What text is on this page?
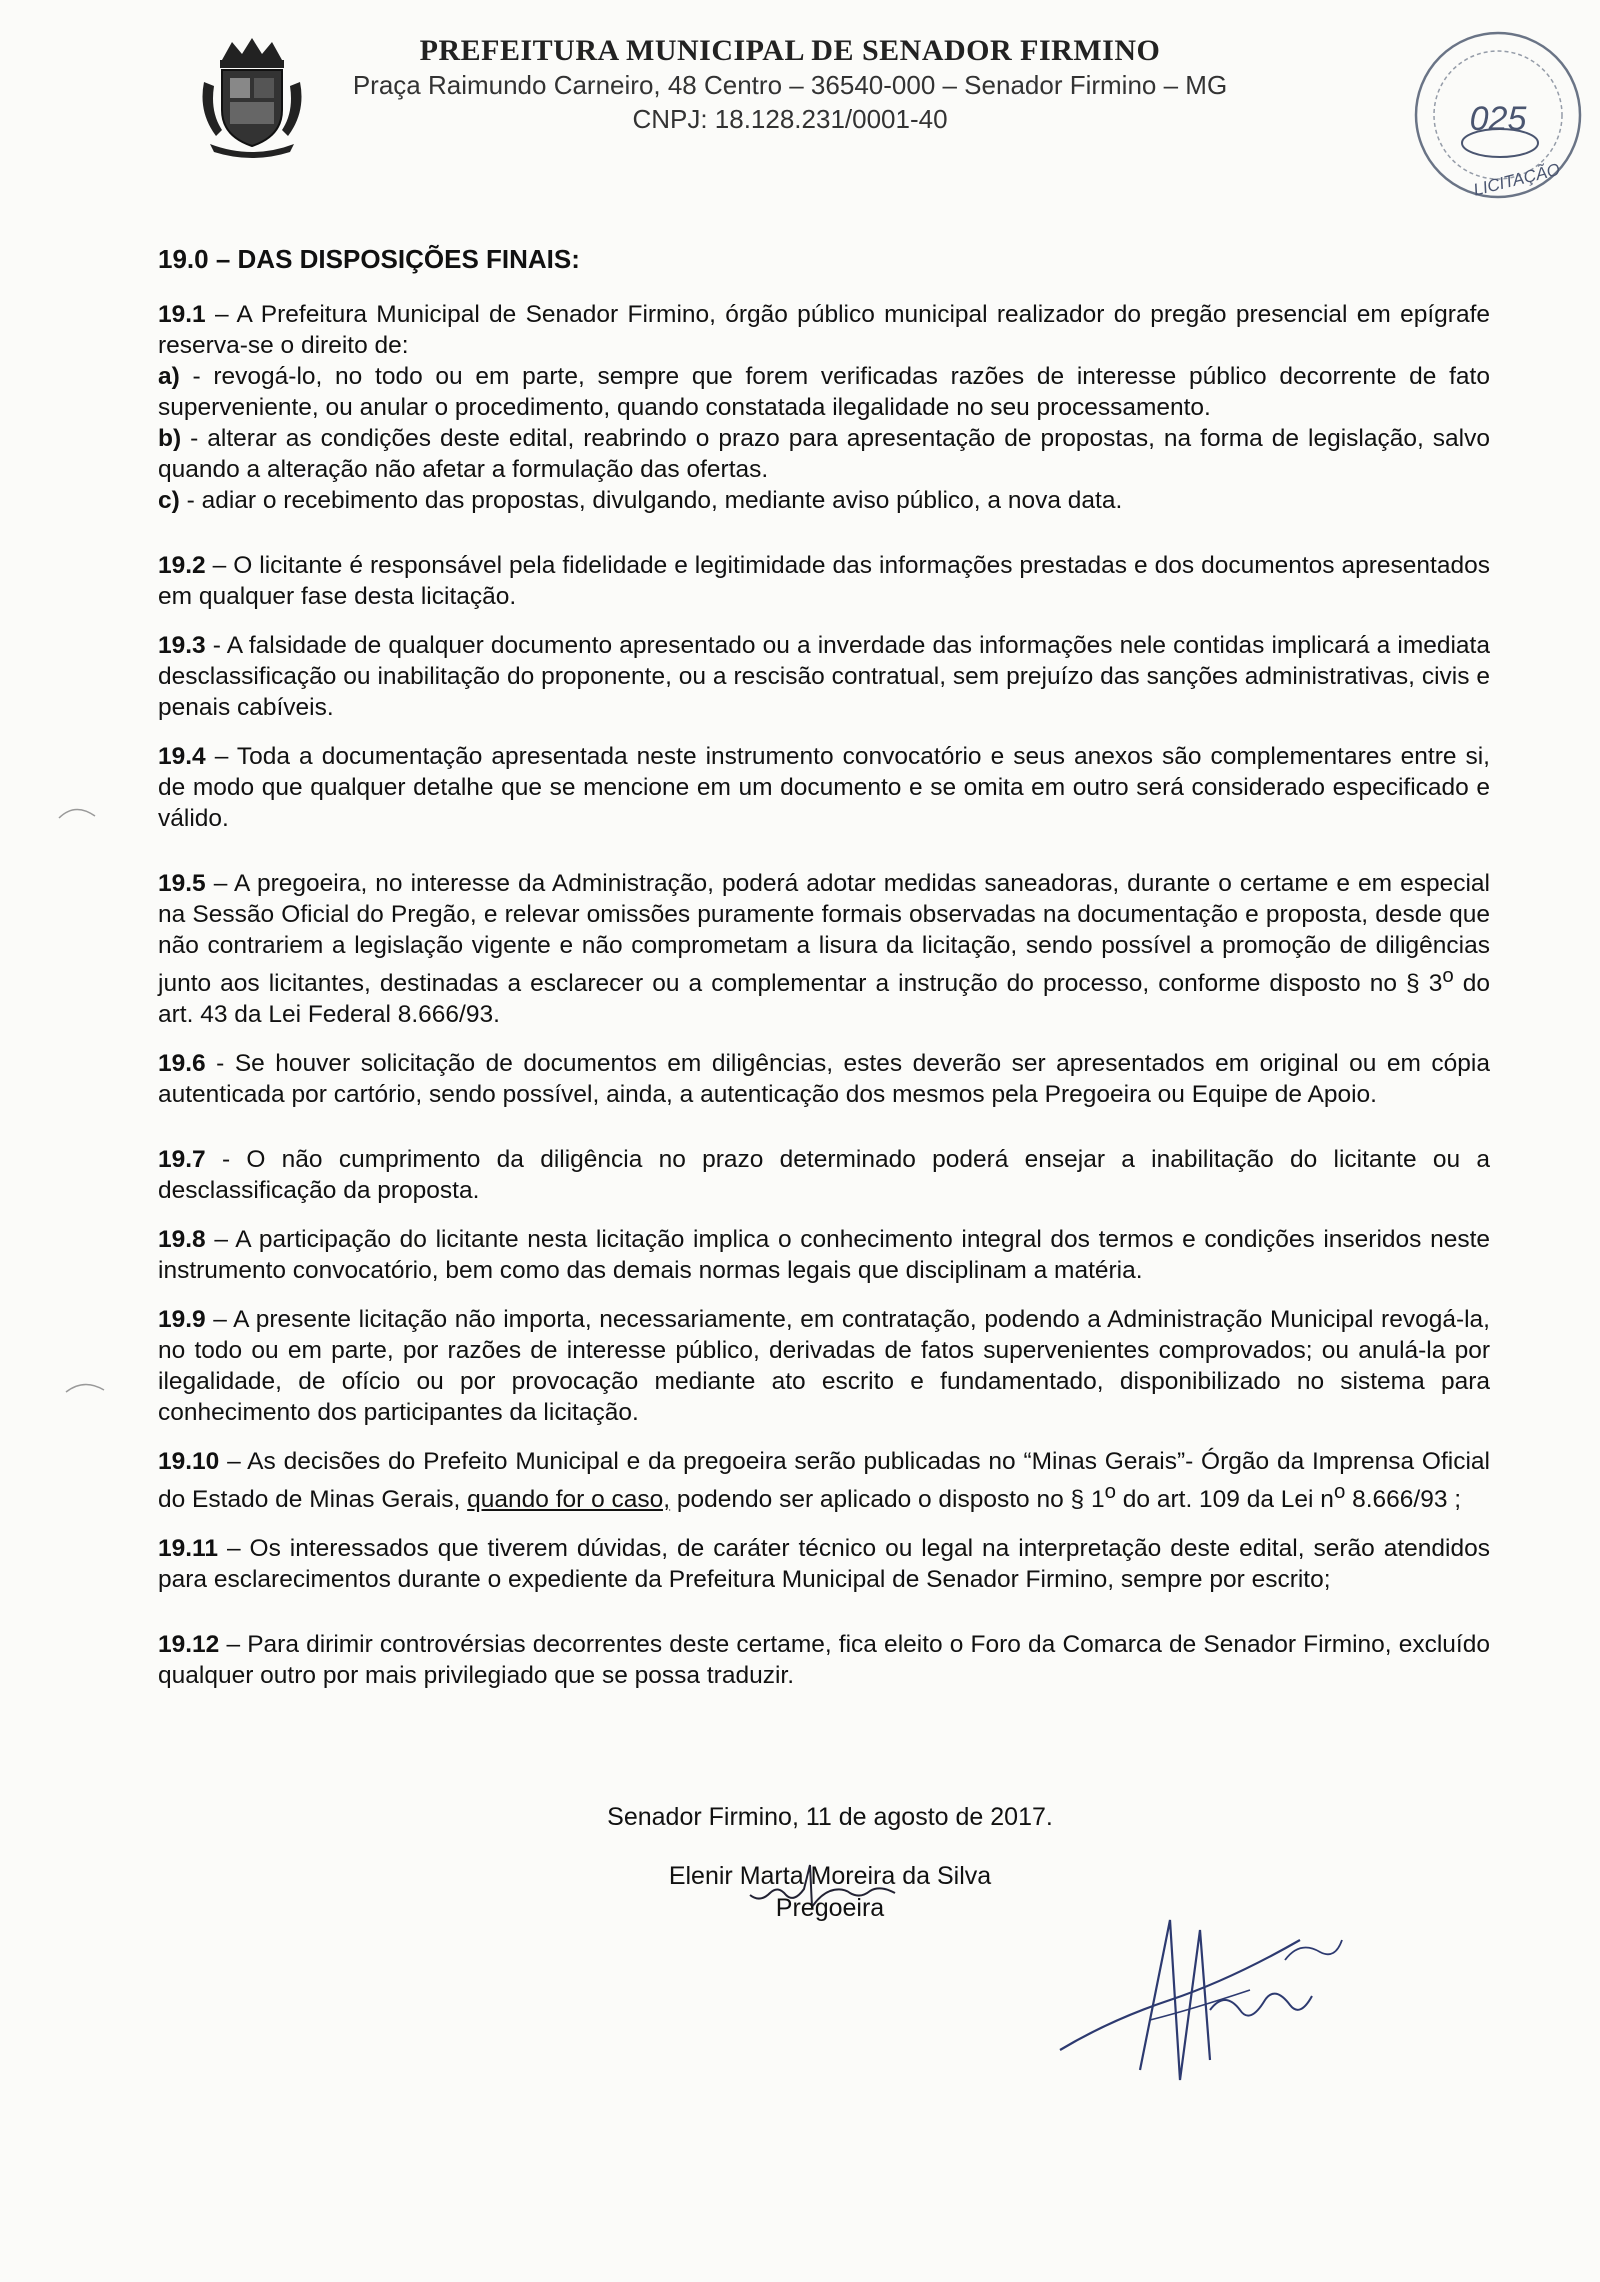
PREFEITURA MUNICIPAL DE SENADOR FIRMINO
Praça Raimundo Carneiro, 48 Centro – 36540-000 – Senador Firmino – MG
CNPJ: 18.128.231/0001-40	025
LICITAÇÃO
19.0 – DAS DISPOSIÇÕES FINAIS:

19.1 – A Prefeitura Municipal de Senador Firmino, órgão público municipal realizador do pregão presencial em epígrafe reserva-se o direito de:

a) - revogá-lo, no todo ou em parte, sempre que forem verificadas razões de interesse público decorrente de fato superveniente, ou anular o procedimento, quando constatada ilegalidade no seu processamento.

b) - alterar as condições deste edital, reabrindo o prazo para apresentação de propostas, na forma de legislação, salvo quando a alteração não afetar a formulação das ofertas.

c) - adiar o recebimento das propostas, divulgando, mediante aviso público, a nova data.

19.2 – O licitante é responsável pela fidelidade e legitimidade das informações prestadas e dos documentos apresentados em qualquer fase desta licitação.

19.3 - A falsidade de qualquer documento apresentado ou a inverdade das informações nele contidas implicará a imediata desclassificação ou inabilitação do proponente, ou a rescisão contratual, sem prejuízo das sanções administrativas, civis e penais cabíveis.

19.4 – Toda a documentação apresentada neste instrumento convocatório e seus anexos são complementares entre si, de modo que qualquer detalhe que se mencione em um documento e se omita em outro será considerado especificado e válido.

19.5 – A pregoeira, no interesse da Administração, poderá adotar medidas saneadoras, durante o certame e em especial na Sessão Oficial do Pregão, e relevar omissões puramente formais observadas na documentação e proposta, desde que não contrariem a legislação vigente e não comprometam a lisura da licitação, sendo possível a promoção de diligências junto aos licitantes, destinadas a esclarecer ou a complementar a instrução do processo, conforme disposto no § 3$^o$ do art. 43 da Lei Federal 8.666/93.

19.6 - Se houver solicitação de documentos em diligências, estes deverão ser apresentados em original ou em cópia autenticada por cartório, sendo possível, ainda, a autenticação dos mesmos pela Pregoeira ou Equipe de Apoio.

19.7 - O não cumprimento da diligência no prazo determinado poderá ensejar a inabilitação do licitante ou a desclassificação da proposta.

19.8 – A participação do licitante nesta licitação implica o conhecimento integral dos termos e condições inseridos neste instrumento convocatório, bem como das demais normas legais que disciplinam a matéria.

19.9 – A presente licitação não importa, necessariamente, em contratação, podendo a Administração Municipal revogá-la, no todo ou em parte, por razões de interesse público, derivadas de fatos supervenientes comprovados; ou anulá-la por ilegalidade, de ofício ou por provocação mediante ato escrito e fundamentado, disponibilizado no sistema para conhecimento dos participantes da licitação.

19.10 – As decisões do Prefeito Municipal e da pregoeira serão publicadas no “Minas Gerais”- Órgão da Imprensa Oficial do Estado de Minas Gerais, quando for o caso, podendo ser aplicado o disposto no § 1$^o$ do art. 109 da Lei $n^o$ 8.666/93 ;

19.11 – Os interessados que tiverem dúvidas, de caráter técnico ou legal na interpretação deste edital, serão atendidos para esclarecimentos durante o expediente da Prefeitura Municipal de Senador Firmino, sempre por escrito;

19.12 – Para dirimir controvérsias decorrentes deste certame, fica eleito o Foro da Comarca de Senador Firmino, excluído qualquer outro por mais privilegiado que se possa traduzir.

Senador Firmino, 11 de agosto de 2017.
Elenir Marta Moreira da Silva
Pregoeira
